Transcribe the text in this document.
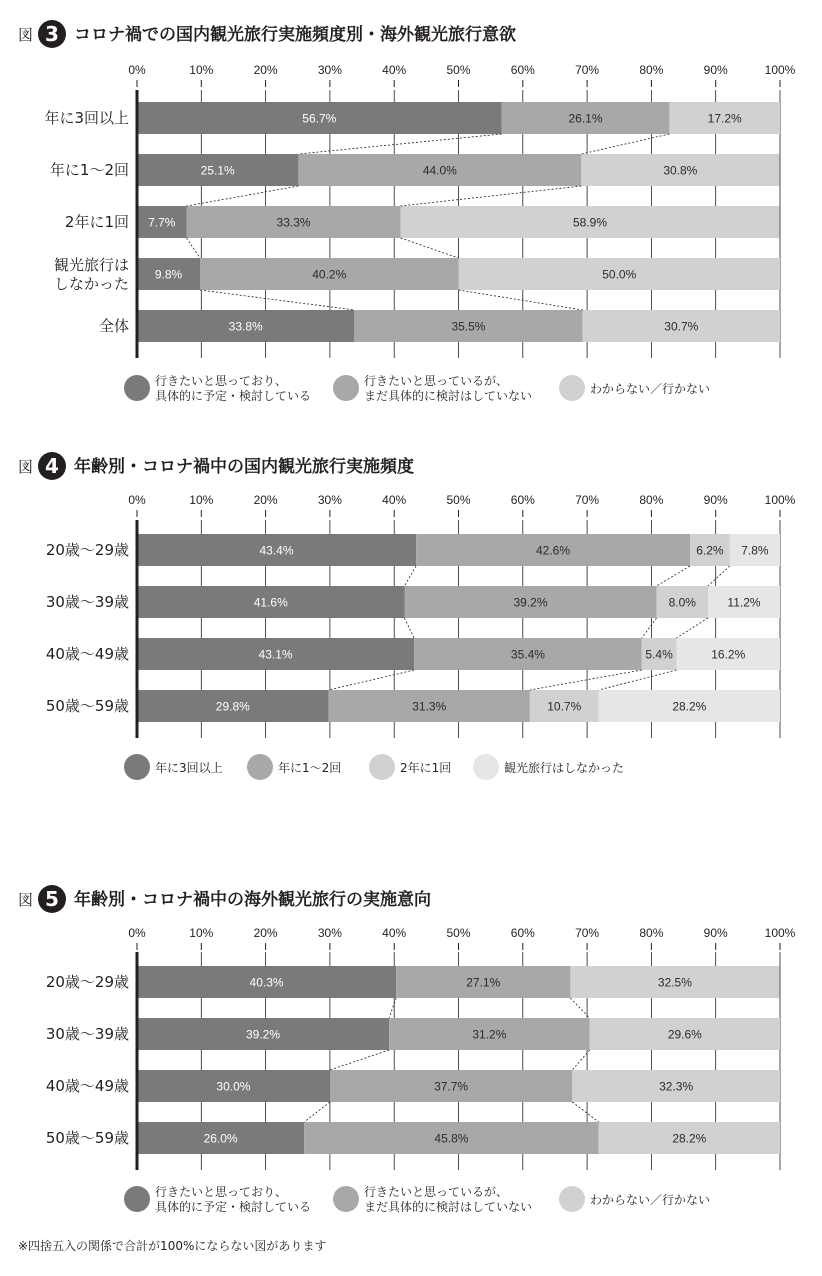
図 3 コロナ禍での国内観光旅行実施頻度別・海外観光旅行意欲
0%	10%	20%	30%	40%	50%	60%	70%	80%	90%	100%
56.7%	26.1%	17.2%
年に3回以上
25.1%	44.0%	30.8%
年に1〜2回
7.7%	33.3%	58.9%
2年に1回
9.8%	40.2%	50.0%
観光旅行は
しなかった
33.8%	35.5%	30.7%
全体
行きたいと思っており、
具体的に予定・検討している
行きたいと思っているが、
まだ具体的に検討はしていない	わからない／行かない
図 4 年齢別・コロナ禍中の国内観光旅行実施頻度
0%	10%	20%	30%	40%	50%	60%	70%	80%	90%	100%
43.4%	42.6%	6.2% 7.8%
20歳〜29歳
41.6%	39.2%	8.0%	11.2%
30歳〜39歳
43.1%	35.4%	5.4%	16.2%
40歳〜49歳
29.8%	31.3%	10.7%	28.2%
50歳〜59歳
年に3回以上	年に1〜2回	2年に1回	観光旅行はしなかった
図 5 年齢別・コロナ禍中の海外観光旅行の実施意向
0%	10%	20%	30%	40%	50%	60%	70%	80%	90%	100%
40.3%	27.1%	32.5%
20歳〜29歳
39.2%	31.2%	29.6%
30歳〜39歳
30.0%	37.7%	32.3%
40歳〜49歳
26.0%	45.8%	28.2%
50歳〜59歳
行きたいと思っており、
具体的に予定・検討している
行きたいと思っているが、
まだ具体的に検討はしていない	わからない／行かない
※四捨五入の関係で合計が100%にならない図があります
